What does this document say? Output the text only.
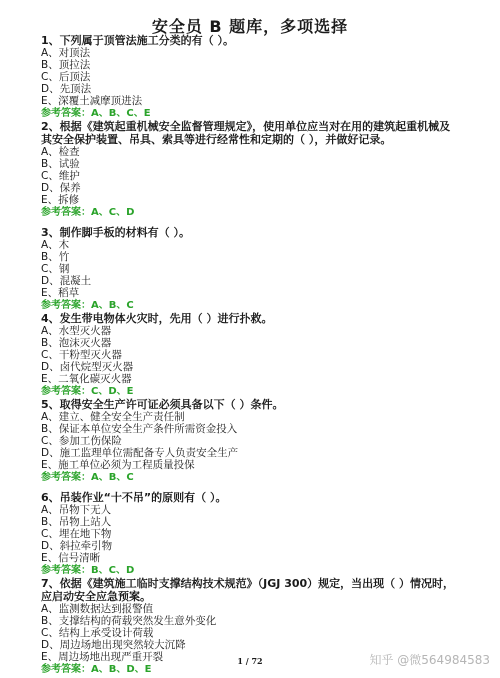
安全员 B 题库，多项选择
1、下列属于顶管法施工分类的有（ ）。
A、对顶法
B、顶拉法
C、后顶法
D、先顶法
E、深覆土减摩顶进法
参考答案：A、B、C、E
2、根据《建筑起重机械安全监督管理规定》，使用单位应当对在用的建筑起重机械及其安全保护装置、吊具、索具等进行经常性和定期的（ ），并做好记录。
A、检查
B、试验
C、维护
D、保养
E、拆修
参考答案：A、C、D
3、制作脚手板的材料有（ ）。
A、木
B、竹
C、钢
D、混凝土
E、稻草
参考答案：A、B、C
4、发生带电物体火灾时，先用（ ）进行扑救。
A、水型灭火器
B、泡沫灭火器
C、干粉型灭火器
D、卤代烷型灭火器
E、二氧化碳灭火器
参考答案：C、D、E
5、取得安全生产许可证必须具备以下（ ）条件。
A、建立、健全安全生产责任制
B、保证本单位安全生产条件所需资金投入
C、参加工伤保险
D、施工监理单位需配备专人负责安全生产
E、施工单位必须为工程质量投保
参考答案：A、B、C
6、吊装作业“十不吊”的原则有（ ）。
A、吊物下无人
B、吊物上站人
C、埋在地下物
D、斜拉牵引物
E、信号清晰
参考答案：B、C、D
7、依据《建筑施工临时支撑结构技术规范》（JGJ 300）规定，当出现（ ）情况时，应启动安全应急预案。
A、监测数据达到报警值
B、支撑结构的荷载突然发生意外变化
C、结构上承受设计荷载
D、周边场地出现突然较大沉降
E、周边场地出现严重开裂
参考答案：A、B、D、E
1 / 72	知乎 @微564984583
